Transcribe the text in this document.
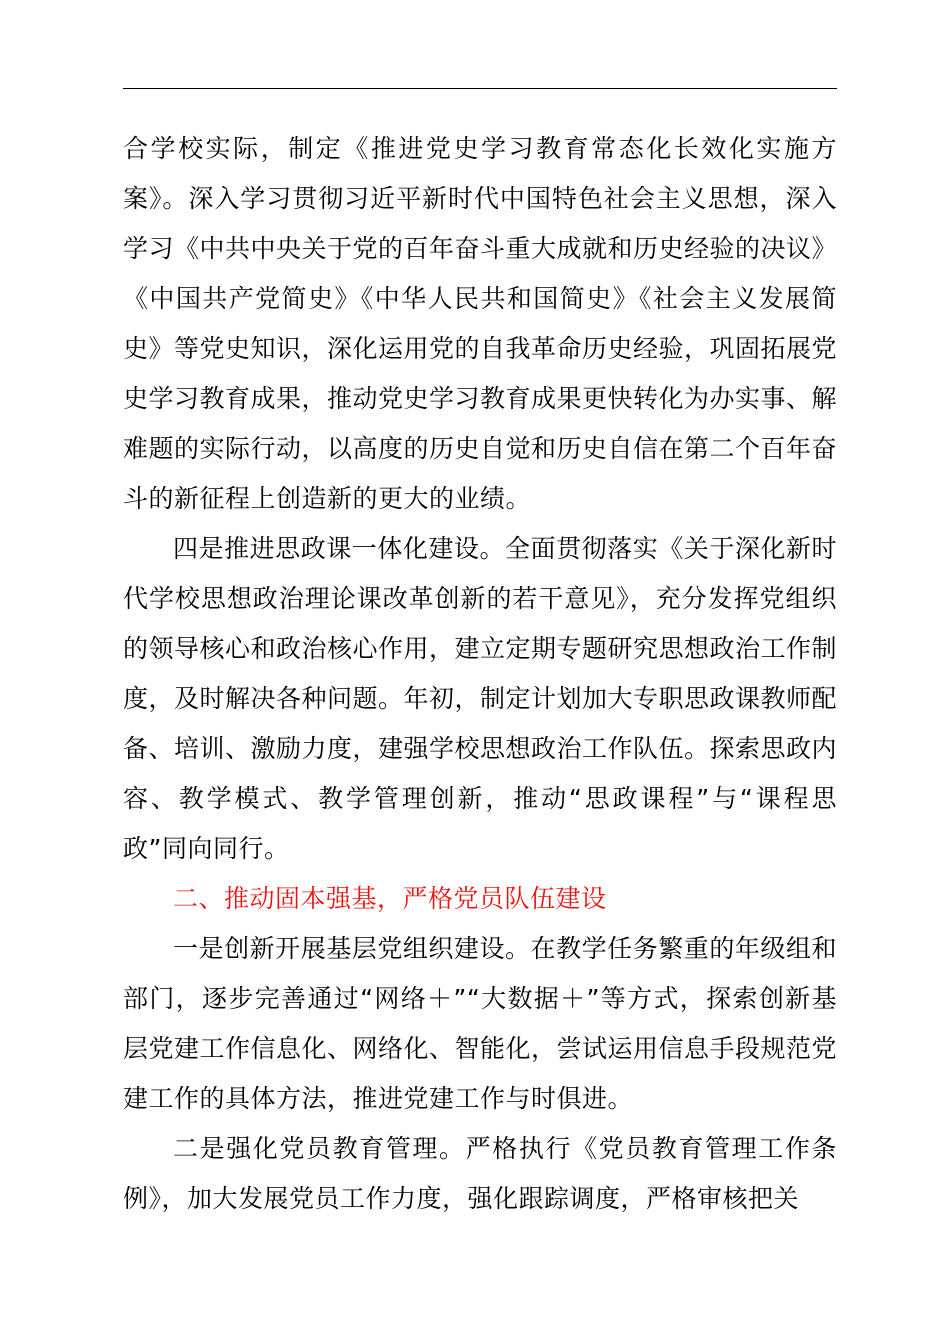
合学校实际，制定《推进党史学习教育常态化长效化实施方案》。深入学习贯彻习近平新时代中国特色社会主义思想，深入学习《中共中央关于党的百年奋斗重大成就和历史经验的决议》《中国共产党简史》《中华人民共和国简史》《社会主义发展简史》等党史知识，深化运用党的自我革命历史经验，巩固拓展党史学习教育成果，推动党史学习教育成果更快转化为办实事、解难题的实际行动，以高度的历史自觉和历史自信在第二个百年奋斗的新征程上创造新的更大的业绩。

四是推进思政课一体化建设。全面贯彻落实《关于深化新时代学校思想政治理论课改革创新的若干意见》，充分发挥党组织的领导核心和政治核心作用，建立定期专题研究思想政治工作制度，及时解决各种问题。年初，制定计划加大专职思政课教师配备、培训、激励力度，建强学校思想政治工作队伍。探索思政内容、教学模式、教学管理创新，推动“思政课程”与“课程思政”同向同行。

二、推动固本强基，严格党员队伍建设

一是创新开展基层党组织建设。在教学任务繁重的年级组和部门，逐步完善通过“网络＋”“大数据＋”等方式，探索创新基层党建工作信息化、网络化、智能化，尝试运用信息手段规范党建工作的具体方法，推进党建工作与时俱进。

二是强化党员教育管理。严格执行《党员教育管理工作条例》，加大发展党员工作力度，强化跟踪调度，严格审核把关
